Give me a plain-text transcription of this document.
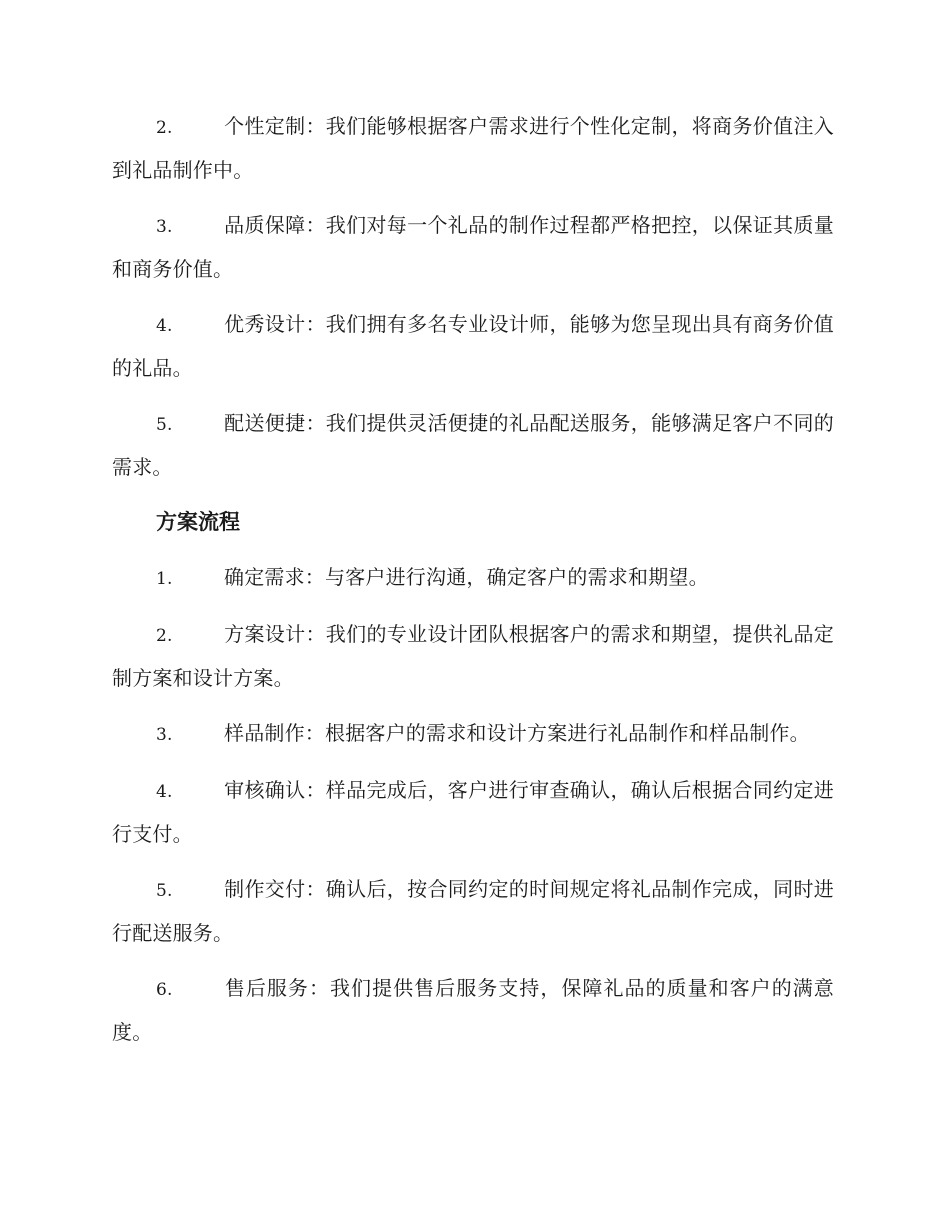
2.	个性定制：我们能够根据客户需求进行个性化定制，将商务价值注入到礼品制作中。

3.	品质保障：我们对每一个礼品的制作过程都严格把控，以保证其质量和商务价值。

4.	优秀设计：我们拥有多名专业设计师，能够为您呈现出具有商务价值的礼品。

5.	配送便捷：我们提供灵活便捷的礼品配送服务，能够满足客户不同的需求。

方案流程

1.	确定需求：与客户进行沟通，确定客户的需求和期望。

2.	方案设计：我们的专业设计团队根据客户的需求和期望，提供礼品定制方案和设计方案。

3.	样品制作：根据客户的需求和设计方案进行礼品制作和样品制作。

4.	审核确认：样品完成后，客户进行审查确认，确认后根据合同约定进行支付。

5.	制作交付：确认后，按合同约定的时间规定将礼品制作完成，同时进行配送服务。

6.	售后服务：我们提供售后服务支持，保障礼品的质量和客户的满意度。
